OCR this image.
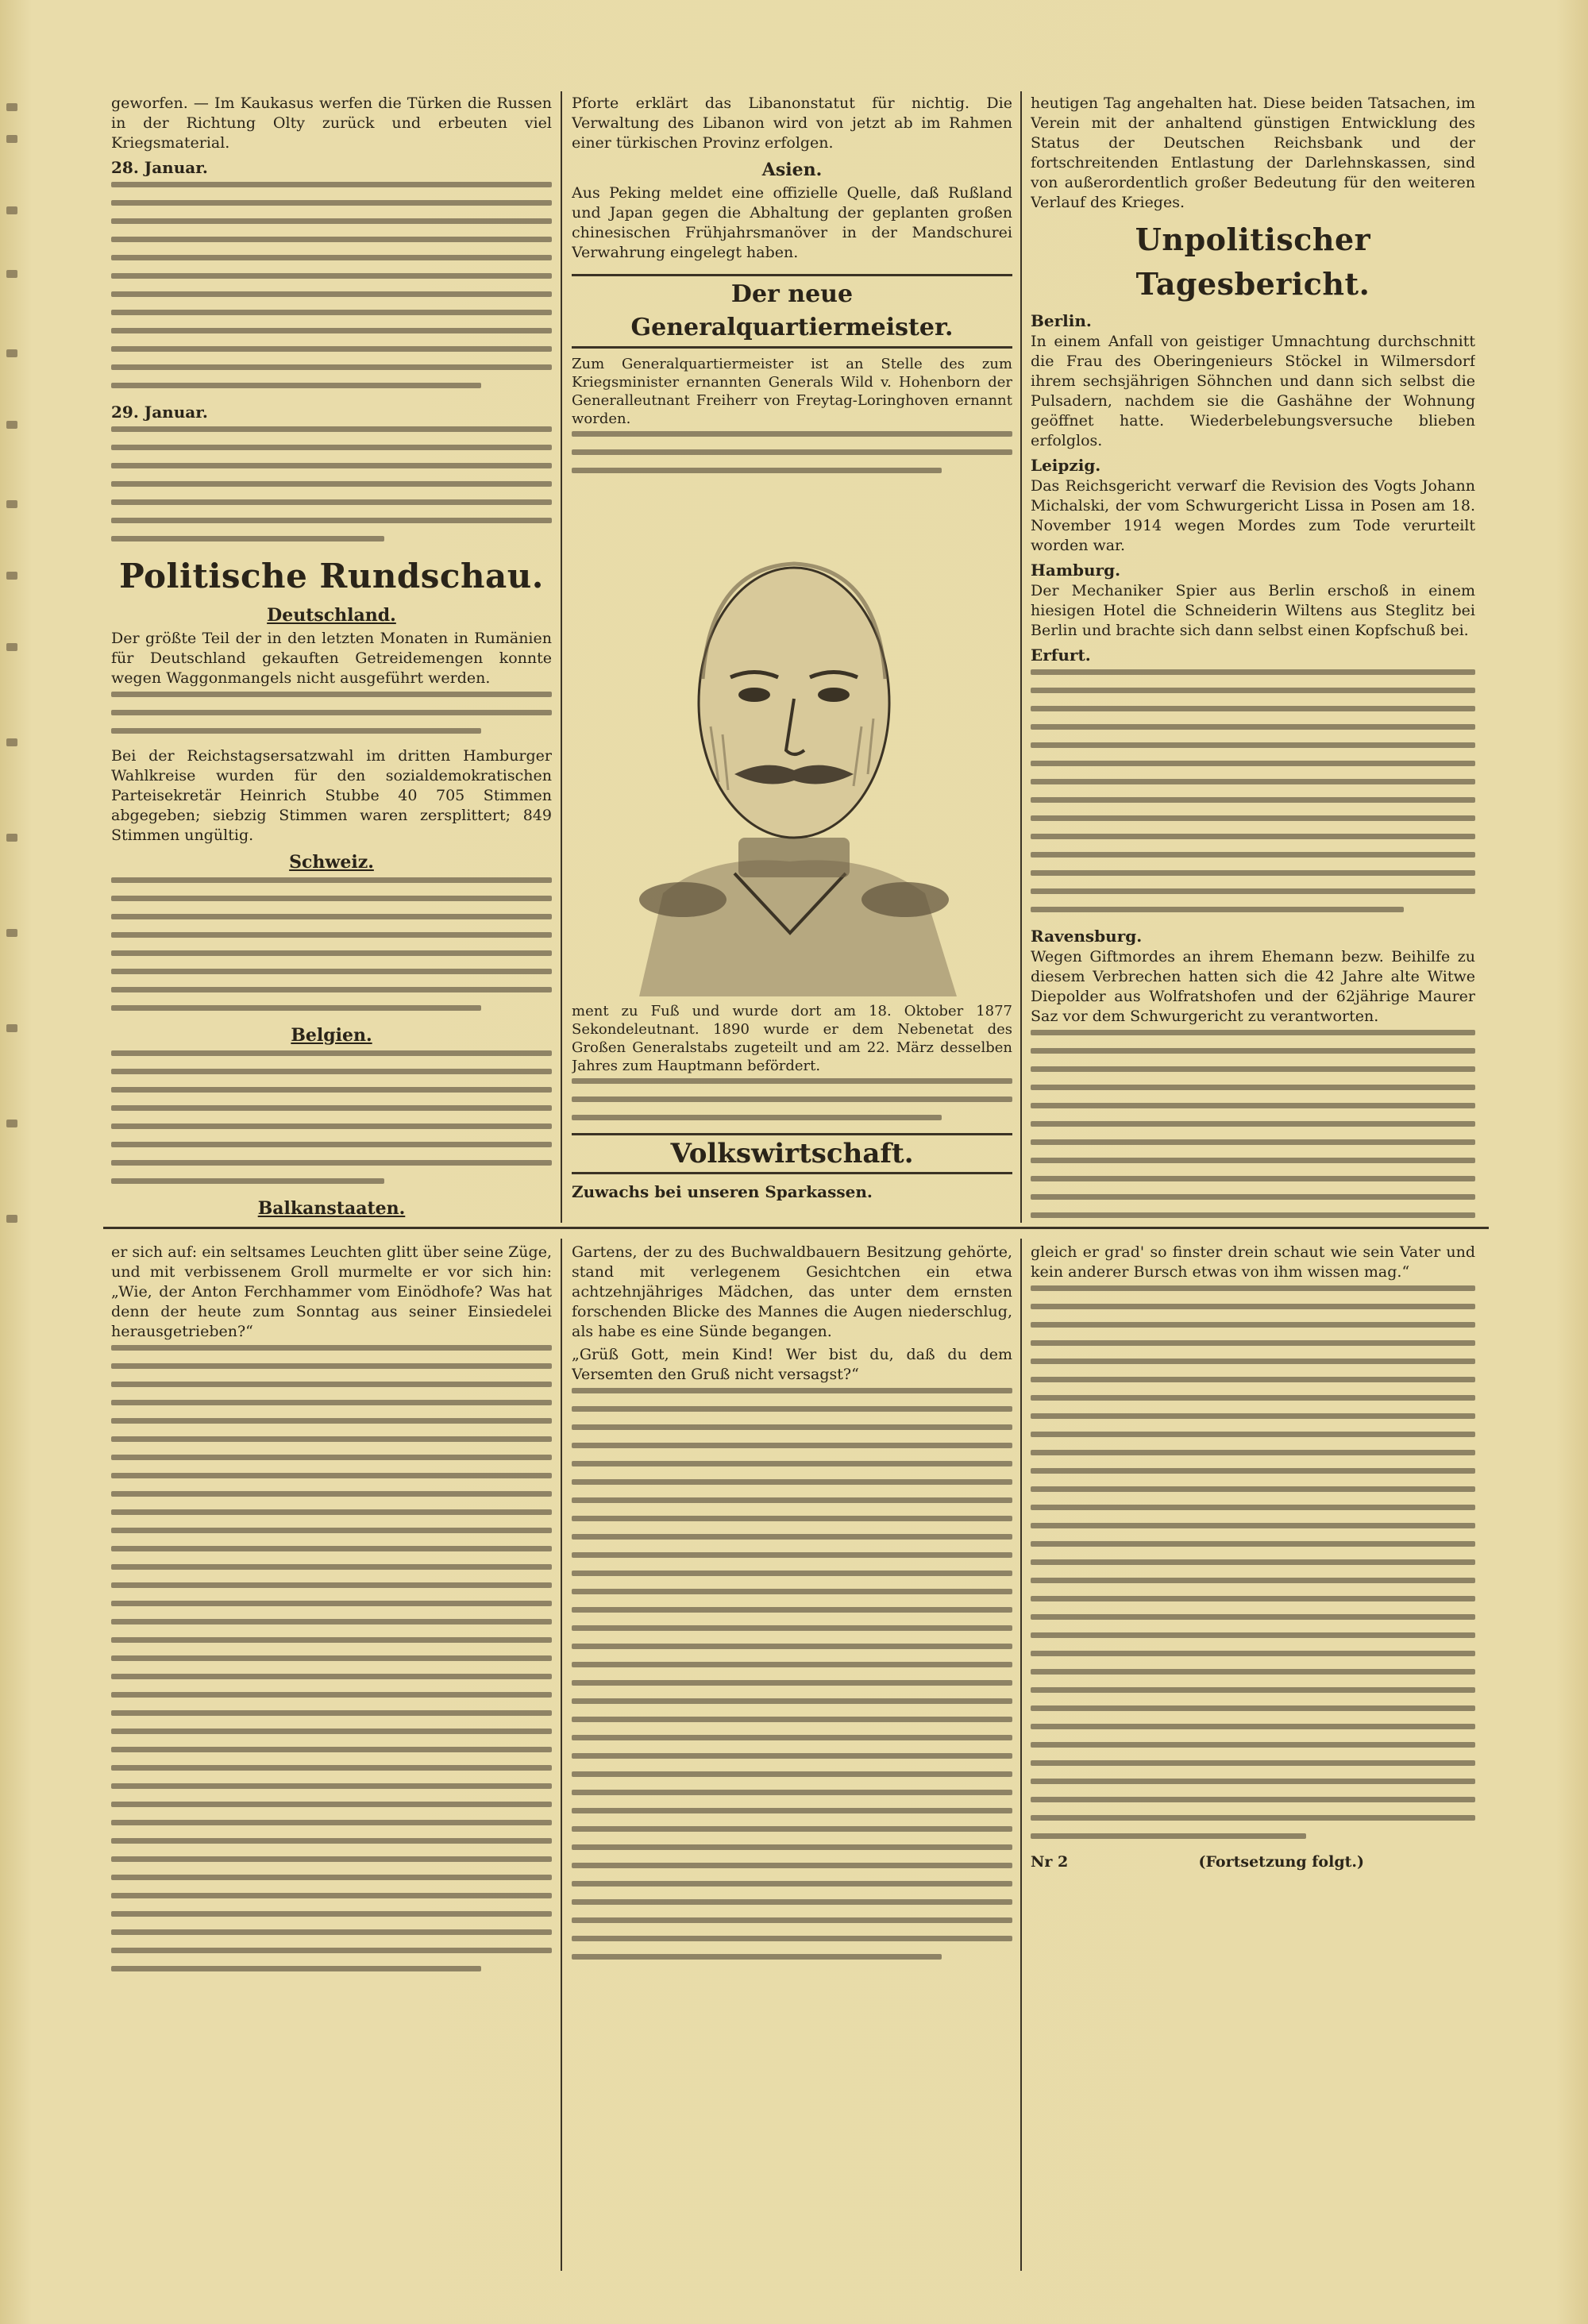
geworfen. — Im Kaukasus werfen die Türken die Russen in der Richtung Olty zurück und erbeuten viel Kriegsmaterial.

28. Januar.
29. Januar.
Politische Rundschau.
Deutschland.

Der größte Teil der in den letzten Monaten in Rumänien für Deutschland gekauften Getreidemengen konnte wegen Waggonmangels nicht ausgeführt werden.

Bei der Reichstagsersatzwahl im dritten Hamburger Wahlkreise wurden für den sozialdemokratischen Parteisekretär Heinrich Stubbe 40 705 Stimmen abgegeben; siebzig Stimmen waren zersplittert; 849 Stimmen ungültig.

Schweiz.
Belgien.
Balkanstaaten.

Pforte erklärt das Libanonstatut für nichtig. Die Verwaltung des Libanon wird von jetzt ab im Rahmen einer türkischen Provinz erfolgen.

Asien.

Aus Peking meldet eine offizielle Quelle, daß Rußland und Japan gegen die Abhaltung der geplanten großen chinesischen Frühjahrsmanöver in der Mandschurei Verwahrung eingelegt haben.

Der neue Generalquartiermeister.

Zum Generalquartiermeister ist an Stelle des zum Kriegsminister ernannten Generals Wild v. Hohenborn der Generalleutnant Freiherr von Freytag-Loringhoven ernannt worden.

portrait

ment zu Fuß und wurde dort am 18. Oktober 1877 Sekondeleutnant. 1890 wurde er dem Nebenetat des Großen Generalstabs zugeteilt und am 22. März desselben Jahres zum Hauptmann befördert.

Volkswirtschaft.
Zuwachs bei unseren Sparkassen.

heutigen Tag angehalten hat. Diese beiden Tatsachen, im Verein mit der anhaltend günstigen Entwicklung des Status der Deutschen Reichsbank und der fortschreitenden Entlastung der Darlehnskassen, sind von außerordentlich großer Bedeutung für den weiteren Verlauf des Krieges.

Unpolitischer Tagesbericht.
Berlin.

In einem Anfall von geistiger Umnachtung durchschnitt die Frau des Oberingenieurs Stöckel in Wilmersdorf ihrem sechsjährigen Söhnchen und dann sich selbst die Pulsadern, nachdem sie die Gashähne der Wohnung geöffnet hatte. Wiederbelebungsversuche blieben erfolglos.

Leipzig.

Das Reichsgericht verwarf die Revision des Vogts Johann Michalski, der vom Schwurgericht Lissa in Posen am 18. November 1914 wegen Mordes zum Tode verurteilt worden war.

Hamburg.

Der Mechaniker Spier aus Berlin erschoß in einem hiesigen Hotel die Schneiderin Wiltens aus Steglitz bei Berlin und brachte sich dann selbst einen Kopfschuß bei.

Erfurt.
Ravensburg.

Wegen Giftmordes an ihrem Ehemann bezw. Beihilfe zu diesem Verbrechen hatten sich die 42 Jahre alte Witwe Diepolder aus Wolfratshofen und der 62jährige Maurer Saz vor dem Schwurgericht zu verantworten.

er sich auf: ein seltsames Leuchten glitt über seine Züge, und mit verbissenem Groll murmelte er vor sich hin: „Wie, der Anton Ferchhammer vom Einödhofe? Was hat denn der heute zum Sonntag aus seiner Einsiedelei herausgetrieben?“

Gartens, der zu des Buchwaldbauern Besitzung gehörte, stand mit verlegenem Gesichtchen ein etwa achtzehnjähriges Mädchen, das unter dem ernsten forschenden Blicke des Mannes die Augen niederschlug, als habe es eine Sünde begangen.

„Grüß Gott, mein Kind! Wer bist du, daß du dem Versemten den Gruß nicht versagst?“

gleich er grad' so finster drein schaut wie sein Vater und kein anderer Bursch etwas von ihm wissen mag.“

Nr 2	(Fortsetzung folgt.)
